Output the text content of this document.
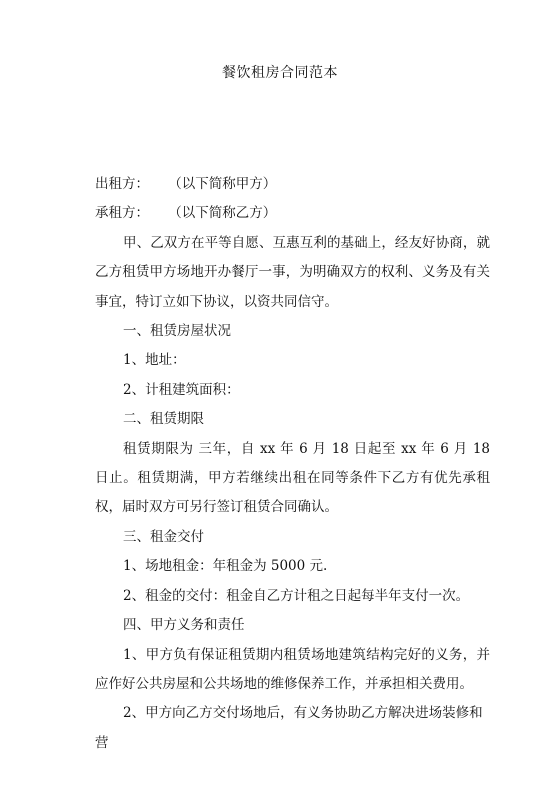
餐饮租房合同范本

出租方： （以下简称甲方）

承租方： （以下简称乙方）

甲、乙双方在平等自愿、互惠互利的基础上，经友好协商，就乙方租赁甲方场地开办餐厅一事，为明确双方的权利、义务及有关事宜，特订立如下协议，以资共同信守。

一、租赁房屋状况

1、地址：

2、计租建筑面积：

二、租赁期限

租赁期限为 三年，自 xx 年 6 月 18 日起至 xx 年 6 月 18 日止。租赁期满，甲方若继续出租在同等条件下乙方有优先承租权，届时双方可另行签订租赁合同确认。

三、租金交付

1、场地租金：年租金为 5000 元.

2、租金的交付：租金自乙方计租之日起每半年支付一次。

四、甲方义务和责任

1、甲方负有保证租赁期内租赁场地建筑结构完好的义务，并应作好公共房屋和公共场地的维修保养工作，并承担相关费用。

2、甲方向乙方交付场地后，有义务协助乙方解决进场装修和营
